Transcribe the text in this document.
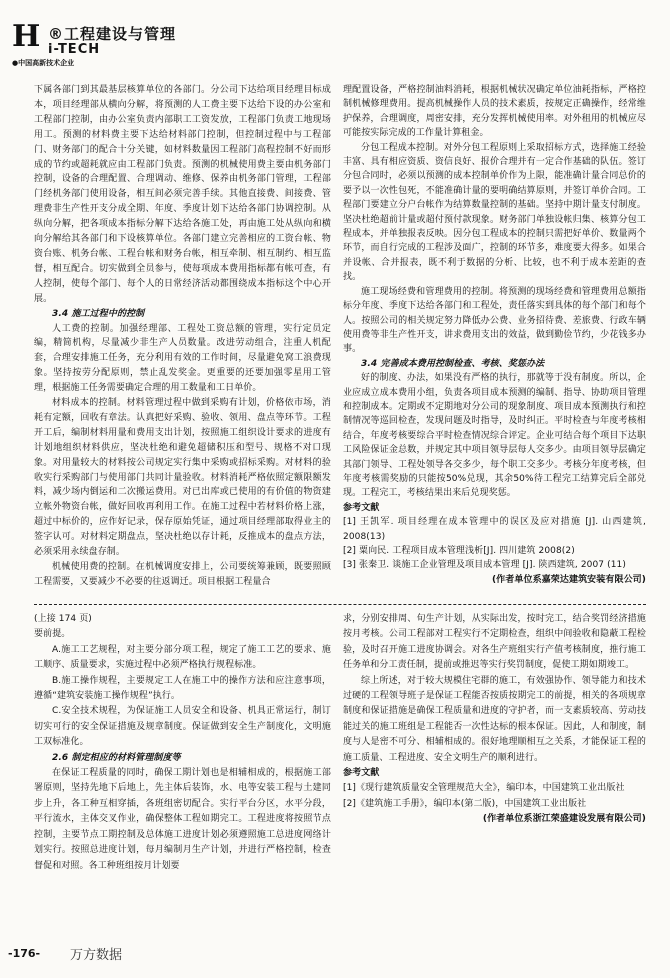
H ®工程建设与管理
i-TECH
●中国高新技术企业

下属各部门到其最基层核算单位的各部门。分公司下达给项目经理目标成本，项目经理部从横向分解，将预测的人工费主要下达给下设的办公室和工程部门控制，由办公室负责内部职工工资发放，工程部门负责工地现场用工。预测的材料费主要下达给材料部门控制，但控制过程中与工程部门、财务部门的配合十分关键，如材料数量因工程部门高程控制不好而形成的节约或超耗就应由工程部门负责。预测的机械使用费主要由机务部门控制，设备的合理配置、合理调动、维修、保养由机务部门管理，工程部门经机务部门使用设备，相互间必须完善手续。其他直接费、间接费、管理费非生产性开支分成全期、年度、季度计划下达给各部门协调控制。从纵向分解，把各项成本指标分解下达给各施工处，再由施工处从纵向和横向分解给其各部门和下设核算单位。各部门建立完善相应的工资台帐、物资台账、机务台帐、工程台帐和财务台帐，相互牵制、相互制约、相互监督，相互配合。切实做到全员参与，使每项成本费用指标都有帐可查，有人控制，使每个部门、每个人的日常经济活动都围绕成本指标这个中心开展。

3.4 施工过程中的控制

人工费的控制。加强经理部、工程处工资总额的管理，实行定员定编，精简机构，尽量减少非生产人员数量。改进劳动组合，注重人机配套，合理安排施工任务，充分利用有效的工作时间，尽量避免窝工浪费现象。坚持按劳分配原则，禁止乱发奖金。更重要的还要加强零星用工管理，根据施工任务需要确定合理的用工数量和工日单价。

材料成本的控制。材料管理过程中做到采购有计划，价格依市场，消耗有定额，回收有章法。认真把好采购、验收、领用、盘点等环节。工程开工后，编制材料用量和费用支出计划，按照施工组织设计要求的进度有计划地组织材料供应，坚决杜绝和避免超储积压和型号、规格不对口现象。对用量较大的材料按公司规定实行集中采购或招标采购。对材料的验收实行采购部门与使用部门共同计量验收。材料消耗严格依照定额限额发料，减少场内倒运和二次搬运费用。对已出库或已使用的有价值的物资建立帐外物资台帐，做好回收再利用工作。在施工过程中若材料价格上涨，超过中标价的，应作好记录，保存原始凭证，通过项目经理部取得业主的签字认可。对材料定期盘点，坚决杜绝以存计耗，反推成本的盘点方法，必须采用永续盘存制。

机械使用费的控制。在机械调度安排上，公司要统筹兼顾，既要照顾工程需要，又要减少不必要的往返调迁。项目根据工程量合

理配置设备，严格控制油料消耗，根据机械状况确定单位油耗指标，严格控制机械修理费用。提高机械操作人员的技术素质，按规定正确操作，经常维护保养，合理调度，周密安排，充分发挥机械使用率。对外租用的机械应尽可能按实际完成的工作量计算租金。

分包工程成本控制。对外分包工程原则上采取招标方式，选择施工经验丰富、具有相应资质、资信良好、报价合理并有一定合作基础的队伍。签订分包合同时，必须以预测的成本控制单价作为上限，能准确计量合同总价的要予以一次性包死，不能准确计量的要明确结算原则，并签订单价合同。工程部门要建立分户台帐作为结算数量控制的基础。坚持中期计量支付制度。坚决杜绝超前计量或超付预付款现象。财务部门单独设帐归集、核算分包工程成本，并单独报表反映。因分包工程成本的控制只需把好单价、数量两个环节，而自行完成的工程涉及面广，控制的环节多，难度要大得多。如果合并设帐、合并报表，既不利于数据的分析、比较，也不利于成本差距的查找。

施工现场经费和管理费用的控制。将预测的现场经费和管理费用总额指标分年度、季度下达给各部门和工程处，责任落实到具体的每个部门和每个人。按照公司的相关规定努力降低办公费、业务招待费、差旅费、行政车辆使用费等非生产性开支，讲求费用支出的效益，做到勤俭节约，少花钱多办事。

3.4 完善成本费用控制检查、考核、奖惩办法

好的制度、办法，如果没有严格的执行，那就等于没有制度。所以，企业应成立成本费用小组，负责各项目成本预测的编制、指导、协助项目管理和控制成本。定期或不定期地对分公司的现象制度、项目成本预测执行和控制情况等巡回检查，发现问题及时指导，及时纠正。平时检查与年度考核相结合，年度考核要综合平时检查情况综合评定。企业可结合每个项目下达职工风险保证金总数，并规定其中项目领导层每人交多少。由项目领导层确定其部门领导、工程处领导各交多少，每个职工交多少。考核分年度考核，但年度考核需奖励的只能按50%兑现，其余50%待工程完工结算完后全部兑现。工程完工，考核结果出来后兑现奖惩。

参考文献

[1] 王凯军. 项目经理在成本管理中的误区及应对措施 [J]. 山西建筑, 2008(13)

[2] 粟向民. 工程项目成本管理浅析[J]. 四川建筑 2008(2)

[3] 张秦卫. 谈施工企业管理及项目成本管理 [J]. 陕西建筑, 2007 (11)

(作者单位系嘉荣达建筑安装有限公司)

(上接 174 页)

要前提。

A.施工工艺规程，对主要分部分项工程，规定了施工工艺的要求、施工顺序、质量要求，实施过程中必须严格执行规程标准。

B.施工操作规程，主要规定工人在施工中的操作方法和应注意事项，遵循“建筑安装施工操作规程”执行。

C.安全技术规程，为保证施工人员安全和设备、机具正常运行，制订切实可行的安全保证措施及规章制度。保证做到安全生产制度化，文明施工双标准化。

2.6 制定相应的材料管理制度等

在保证工程质量的同时，确保工期计划也是相辅相成的，根据施工部署原则，坚持先地下后地上，先主体后装饰，水、电等安装工程与土建同步上升，各工种互相穿插，各班组密切配合。实行平台分区，水平分段，平行流水，主体交叉作业，确保整体工程如期完工。工程进度将按照节点控制，主要节点工期控制及总体施工进度计划必须遵照施工总进度网络计划实行。按照总进度计划，每月编制月生产计划，并进行严格控制，检查督促和对照。各工种班组按月计划要

求，分别安排周、旬生产计划，从实际出发，按时完工，结合奖罚经济措施按月考核。公司工程部对工程实行不定期检查，组织中间验收和隐蔽工程检验，及时召开施工进度协调会。对各生产班组实行产值考核制度，推行施工任务单和分工责任制，提前或推迟等实行奖罚制度，促使工期如期竣工。

综上所述，对于较大规模住宅群的施工，有效强协作、领导能力和技术过硬的工程领导班子是保证工程能否按质按期完工的前提，相关的各项规章制度和保证措施是确保工程质量和进度的守护者，而一支素质较高、劳动技能过关的施工班组是工程能否一次性达标的根本保证。因此，人和制度，制度与人是密不可分、相辅相成的。很好地理顺相互之关系，才能保证工程的施工质量、工程进度、安全文明生产的顺利进行。

参考文献

[1]《现行建筑质量安全管理规范大全》，编印本，中国建筑工业出版社

[2]《建筑施工手册》，编印本(第二版)，中国建筑工业出版社

(作者单位系浙江荣盛建设发展有限公司)

-176- 万方数据
